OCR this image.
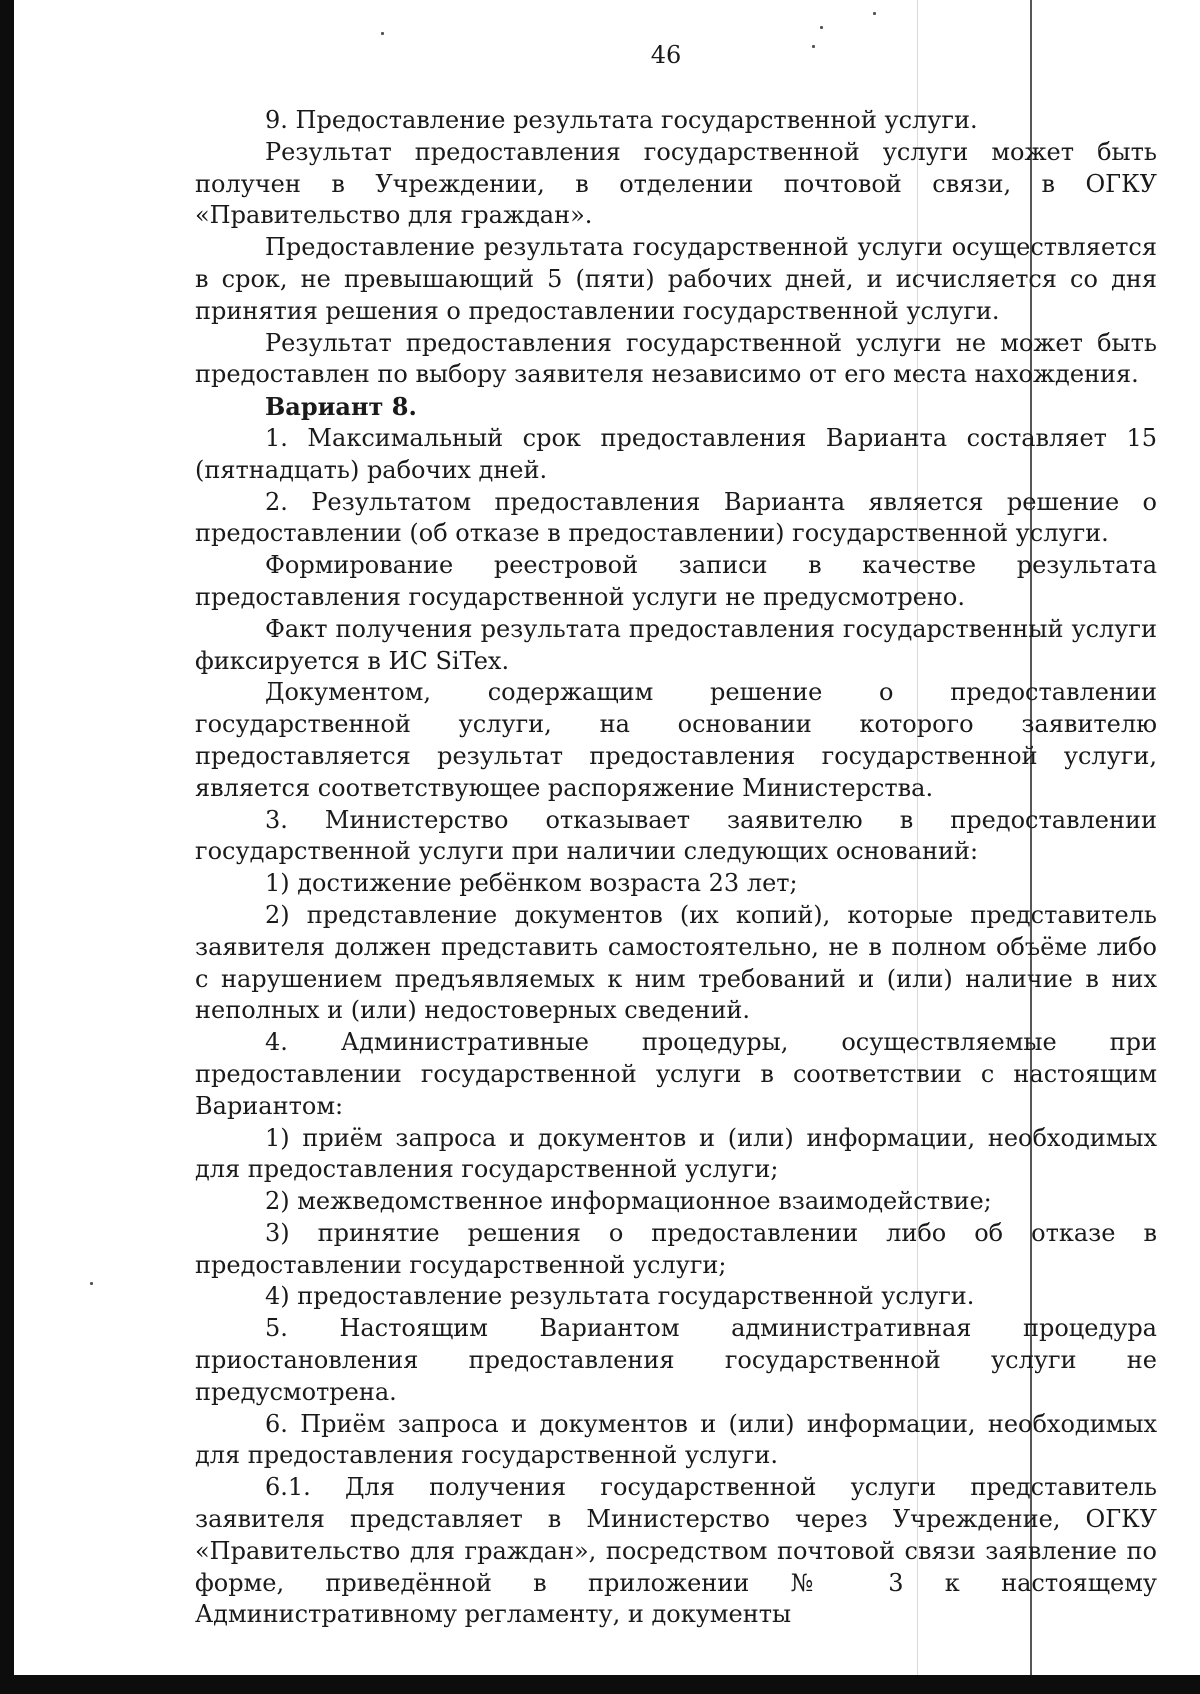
46

9. Предоставление результата государственной услуги.

Результат предоставления государственной услуги может быть получен в Учреждении, в отделении почтовой связи, в ОГКУ «Правительство для граждан».

Предоставление результата государственной услуги осуществляется в срок, не превышающий 5 (пяти) рабочих дней, и исчисляется со дня принятия решения о предоставлении государственной услуги.

Результат предоставления государственной услуги не может быть предоставлен по выбору заявителя независимо от его места нахождения.

Вариант 8.

1. Максимальный срок предоставления Варианта составляет 15 (пятнадцать) рабочих дней.

2. Результатом предоставления Варианта является решение о предоставлении (об отказе в предоставлении) государственной услуги.

Формирование реестровой записи в качестве результата предоставления государственной услуги не предусмотрено.

Факт получения результата предоставления государственный услуги фиксируется в ИС SiTex.

Документом, содержащим решение о предоставлении государственной услуги, на основании которого заявителю предоставляется результат предоставления государственной услуги, является соответствующее распоряжение Министерства.

3. Министерство отказывает заявителю в предоставлении государственной услуги при наличии следующих оснований:

1) достижение ребёнком возраста 23 лет;

2) представление документов (их копий), которые представитель заявителя должен представить самостоятельно, не в полном объёме либо с нарушением предъявляемых к ним требований и (или) наличие в них неполных и (или) недостоверных сведений.

4. Административные процедуры, осуществляемые при предоставлении государственной услуги в соответствии с настоящим Вариантом:

1) приём запроса и документов и (или) информации, необходимых для предоставления государственной услуги;

2) межведомственное информационное взаимодействие;

3) принятие решения о предоставлении либо об отказе в предоставлении государственной услуги;

4) предоставление результата государственной услуги.

5. Настоящим Вариантом административная процедура приостановления предоставления государственной услуги не предусмотрена.

6. Приём запроса и документов и (или) информации, необходимых для предоставления государственной услуги.

6.1. Для получения государственной услуги представитель заявителя представляет в Министерство через Учреждение, ОГКУ «Правительство для граждан», посредством почтовой связи заявление по форме, приведённой в приложении № 3 к настоящему Административному регламенту, и документы
